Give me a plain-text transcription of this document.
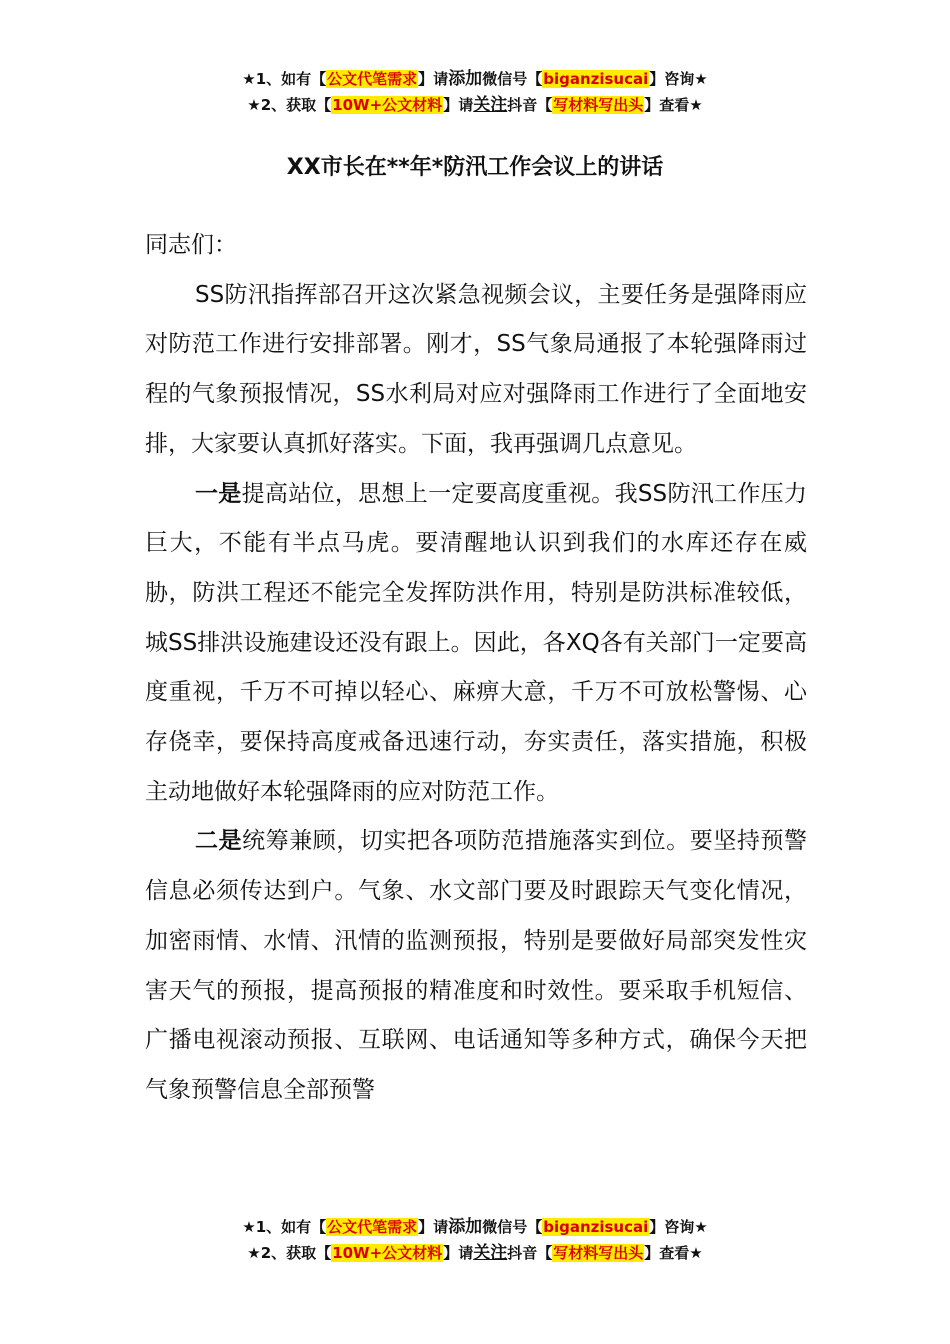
★1、如有【公文代笔需求】请添加微信号【biganzisucai】咨询★
★2、获取【10W+公文材料】请关注抖音【写材料写出头】查看★
XX市长在**年*防汛工作会议上的讲话

同志们：

SS防汛指挥部召开这次紧急视频会议，主要任务是强降雨应对防范工作进行安排部署。刚才，SS气象局通报了本轮强降雨过程的气象预报情况，SS水利局对应对强降雨工作进行了全面地安排，大家要认真抓好落实。下面，我再强调几点意见。

一是提高站位，思想上一定要高度重视。我SS防汛工作压力巨大，不能有半点马虎。要清醒地认识到我们的水库还存在威胁，防洪工程还不能完全发挥防洪作用，特别是防洪标准较低，城SS排洪设施建设还没有跟上。因此，各XQ各有关部门一定要高度重视，千万不可掉以轻心、麻痹大意，千万不可放松警惕、心存侥幸，要保持高度戒备迅速行动，夯实责任，落实措施，积极主动地做好本轮强降雨的应对防范工作。

二是统筹兼顾，切实把各项防范措施落实到位。要坚持预警信息必须传达到户。气象、水文部门要及时跟踪天气变化情况，加密雨情、水情、汛情的监测预报，特别是要做好局部突发性灾害天气的预报，提高预报的精准度和时效性。要采取手机短信、广播电视滚动预报、互联网、电话通知等多种方式，确保今天把气象预警信息全部预警

★1、如有【公文代笔需求】请添加微信号【biganzisucai】咨询★
★2、获取【10W+公文材料】请关注抖音【写材料写出头】查看★
